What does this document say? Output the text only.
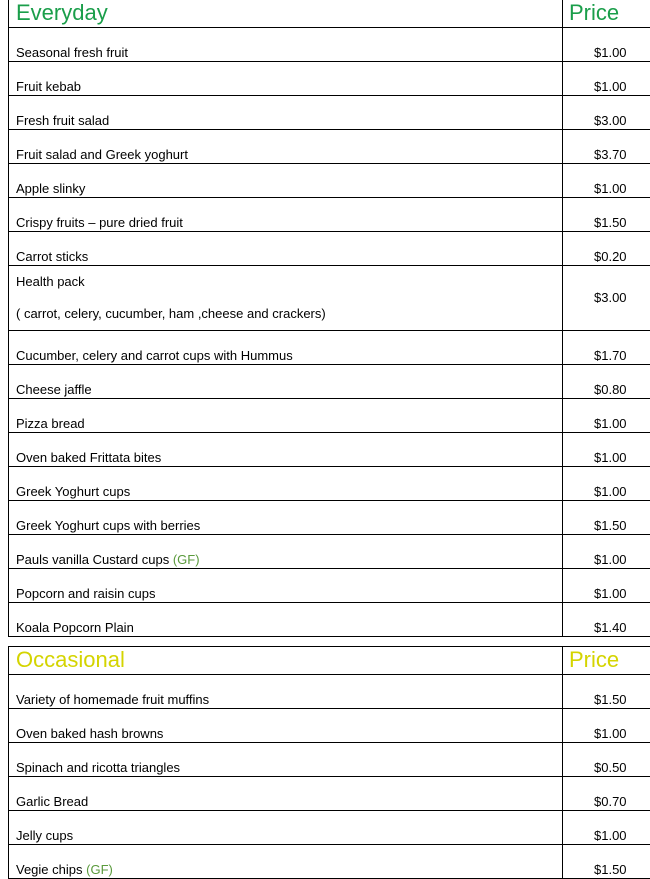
Everyday	Price
Seasonal fresh fruit	$1.00
Fruit kebab	$1.00
Fresh fruit salad	$3.00
Fruit salad and Greek yoghurt	$3.70
Apple slinky	$1.00
Crispy fruits – pure dried fruit	$1.50
Carrot sticks	$0.20

Health pack
( carrot, celery, cucumber, ham ,cheese and crackers)	$3.00
Cucumber, celery and carrot cups with Hummus	$1.70
Cheese jaffle	$0.80
Pizza bread	$1.00
Oven baked Frittata bites	$1.00
Greek Yoghurt cups	$1.00
Greek Yoghurt cups with berries	$1.50
Pauls vanilla Custard cups (GF)	$1.00
Popcorn and raisin cups	$1.00
Koala Popcorn Plain	$1.40
Occasional	Price
Variety of homemade fruit muffins	$1.50
Oven baked hash browns	$1.00
Spinach and ricotta triangles	$0.50
Garlic Bread	$0.70
Jelly cups	$1.00
Vegie chips (GF)	$1.50
